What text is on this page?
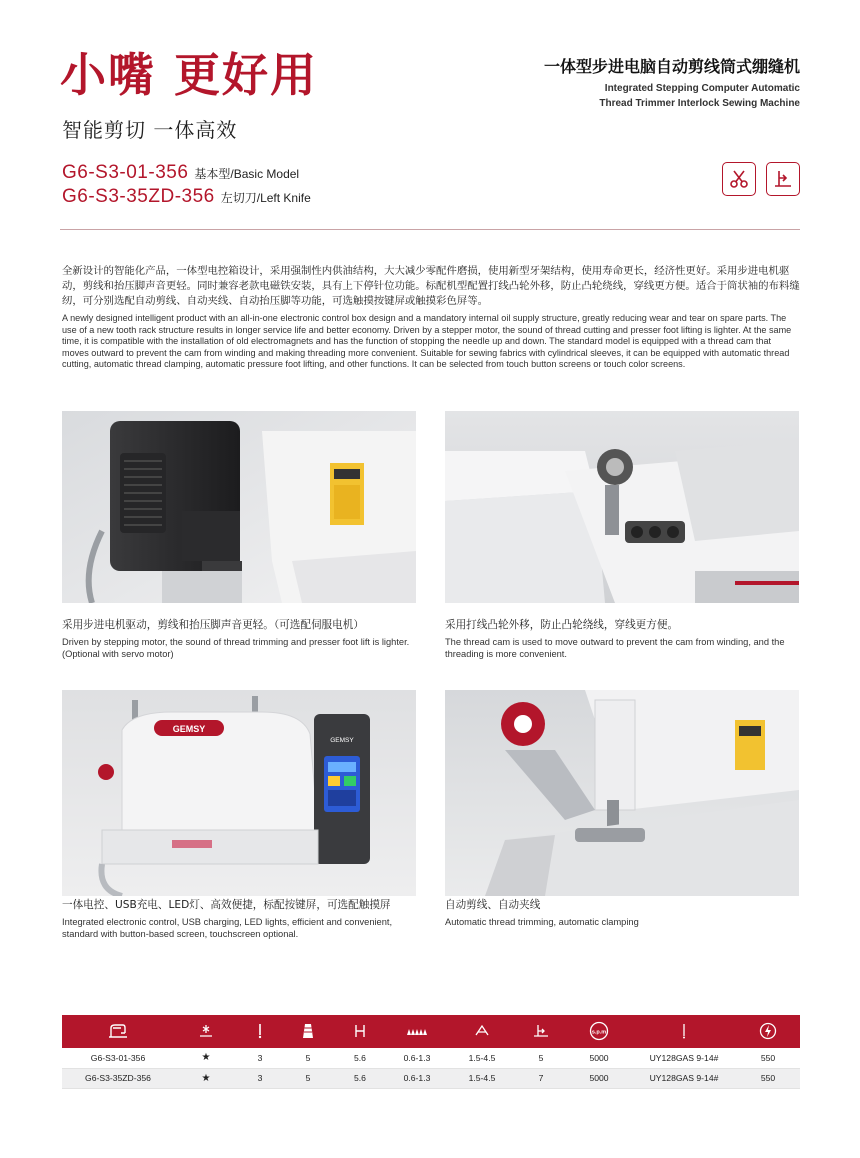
小嘴 更好用
智能剪切 一体高效
一体型步进电脑自动剪线筒式绷缝机
Integrated Stepping Computer Automatic
Thread Trimmer Interlock Sewing Machine
G6-S3-01-356 基本型/Basic Model
G6-S3-35ZD-356 左切刀/Left Knife
全新设计的智能化产品，一体型电控箱设计，采用强制性内供油结构，大大减少零配件磨损，使用新型牙架结构，使用寿命更长，经济性更好。采用步进电机驱动，剪线和抬压脚声音更轻。同时兼容老款电磁铁安装，具有上下停针位功能。标配机型配置打线凸轮外移，防止凸轮绕线，穿线更方便。适合于筒状袖的布料缝纫，可分别选配自动剪线、自动夹线、自动抬压脚等功能，可选触摸按键屏或触摸彩色屏等。
A newly designed intelligent product with an all-in-one electronic control box design and a mandatory internal oil supply structure, greatly reducing wear and tear on spare parts. The use of a new tooth rack structure results in longer service life and better economy. Driven by a stepper motor, the sound of thread cutting and presser foot lifting is lighter. At the same time, it is compatible with the installation of old electromagnets and has the function of stopping the needle up and down. The standard model is equipped with a thread cam that moves outward to prevent the cam from winding and making threading more convenient. Suitable for sewing fabrics with cylindrical sleeves, it can be equipped with automatic thread cutting, automatic thread clamping, automatic pressure foot lifting, and other functions. It can be selected from touch button screens or touch color screens.
GEMSY
GEMSY
采用步进电机驱动，剪线和抬压脚声音更轻。（可选配伺服电机）
Driven by stepping motor, the sound of thread trimming and presser foot lift is lighter. (Optional with servo motor)
采用打线凸轮外移，防止凸轮绕线，穿线更方便。
The thread cam is used to move outward to prevent the cam from winding, and the threading is more convenient.
一体电控、USB充电、LED灯、高效便捷，标配按键屏，可选配触摸屏
Integrated electronic control, USB charging, LED lights, efficient and convenient, standard with button-based screen, touchscreen optional.
自动剪线、自动夹线
Automatic thread trimming, automatic clamping

s.p.m

G6-S3-01-356	★	3	5	5.6	0.6-1.3	1.5-4.5	5	5000	UY128GAS 9-14#	550
G6-S3-35ZD-356	★	3	5	5.6	0.6-1.3	1.5-4.5	7	5000	UY128GAS 9-14#	550
